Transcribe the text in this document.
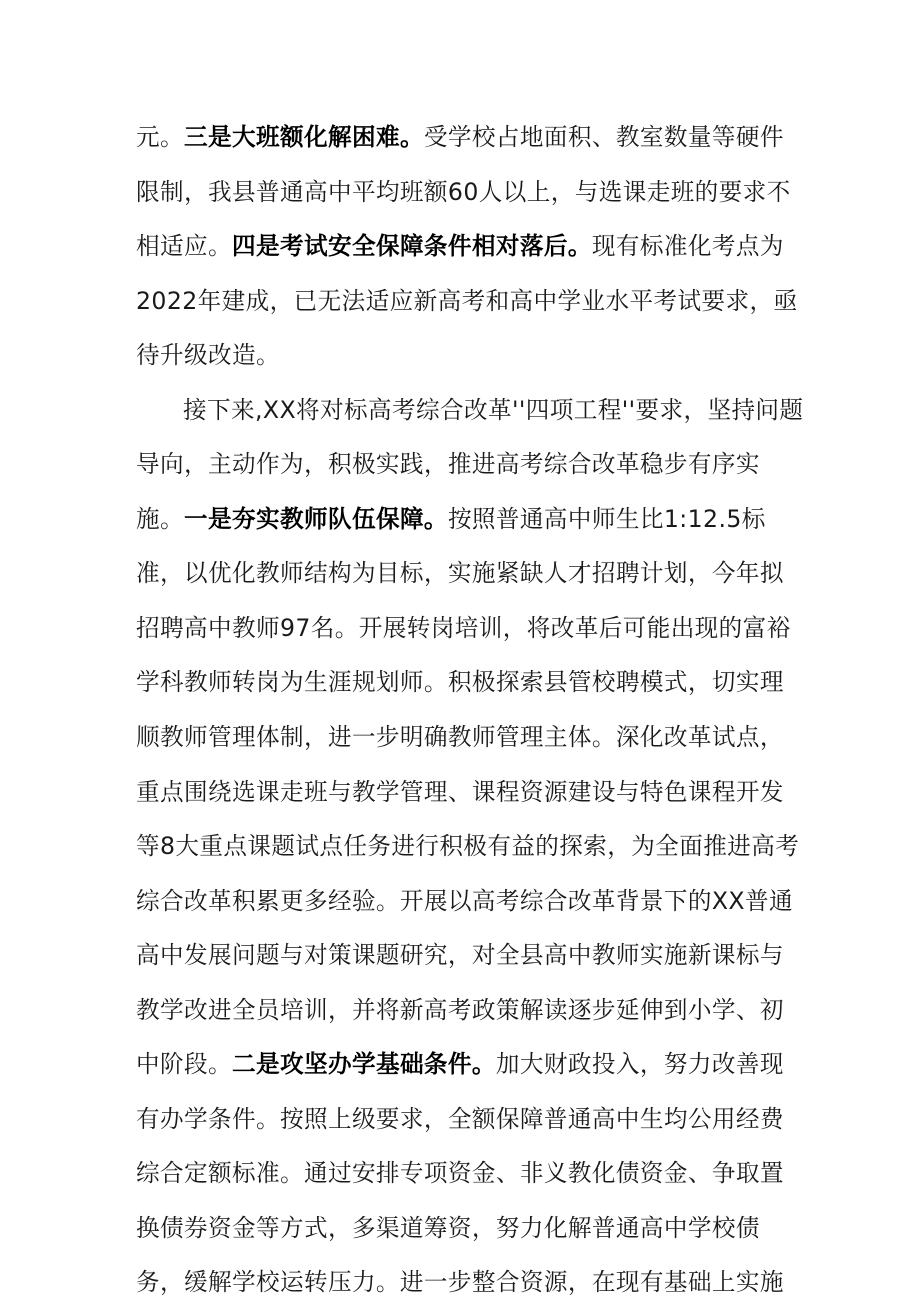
元。三是大班额化解困难。受学校占地面积、教室数量等硬件
限制，我县普通高中平均班额60人以上，与选课走班的要求不
相适应。四是考试安全保障条件相对落后。现有标准化考点为
2022年建成，已无法适应新高考和高中学业水平考试要求，亟
待升级改造。
接下来,XX将对标高考综合改革''四项工程''要求，坚持问题
导向，主动作为，积极实践，推进高考综合改革稳步有序实
施。一是夯实教师队伍保障。按照普通高中师生比1:12.5标
准，以优化教师结构为目标，实施紧缺人才招聘计划，今年拟
招聘高中教师97名。开展转岗培训，将改革后可能出现的富裕
学科教师转岗为生涯规划师。积极探索县管校聘模式，切实理
顺教师管理体制，进一步明确教师管理主体。深化改革试点，
重点围绕选课走班与教学管理、课程资源建设与特色课程开发
等8大重点课题试点任务进行积极有益的探索，为全面推进高考
综合改革积累更多经验。开展以高考综合改革背景下的XX普通
高中发展问题与对策课题研究，对全县高中教师实施新课标与
教学改进全员培训，并将新高考政策解读逐步延伸到小学、初
中阶段。二是攻坚办学基础条件。加大财政投入，努力改善现
有办学条件。按照上级要求，全额保障普通高中生均公用经费
综合定额标准。通过安排专项资金、非义教化债资金、争取置
换债券资金等方式，多渠道筹资，努力化解普通高中学校债
务，缓解学校运转压力。进一步整合资源，在现有基础上实施
